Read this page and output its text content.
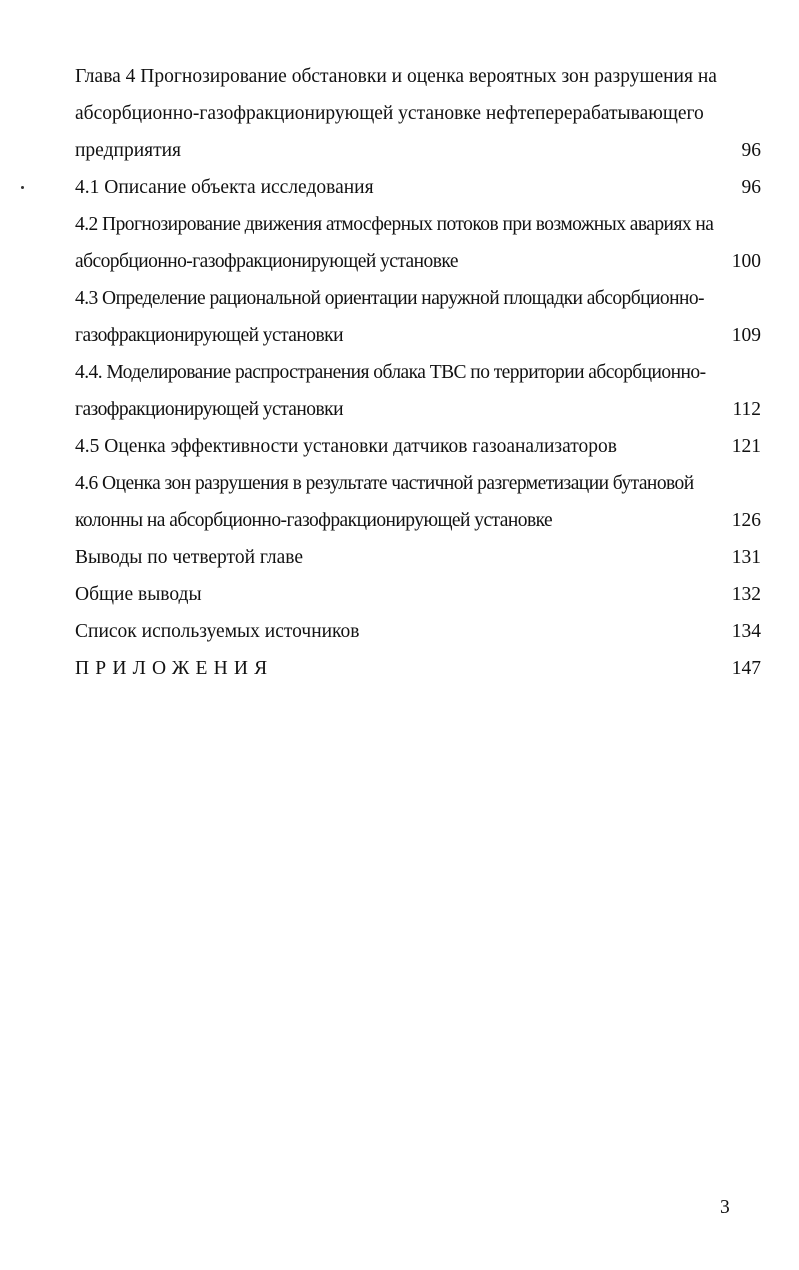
Глава 4 Прогнозирование обстановки и оценка вероятных зон разрушения на
абсорбционно-газофракционирующей установке нефтеперерабатывающего
предприятия	96
4.1 Описание объекта исследования	96
4.2 Прогнозирование движения атмосферных потоков при возможных авариях на
абсорбционно-газофракционирующей установке	100
4.3 Определение рациональной ориентации наружной площадки абсорбционно-
газофракционирующей установки	109
4.4. Моделирование распространения облака ТВС по территории абсорбционно-
газофракционирующей установки	112
4.5 Оценка эффективности установки датчиков газоанализаторов	121
4.6 Оценка зон разрушения в результате частичной разгерметизации бутановой
колонны на абсорбционно-газофракционирующей установке	126
Выводы по четвертой главе	131
Общие выводы	132
Список используемых источников	134
ПРИЛОЖЕНИЯ	147
3
